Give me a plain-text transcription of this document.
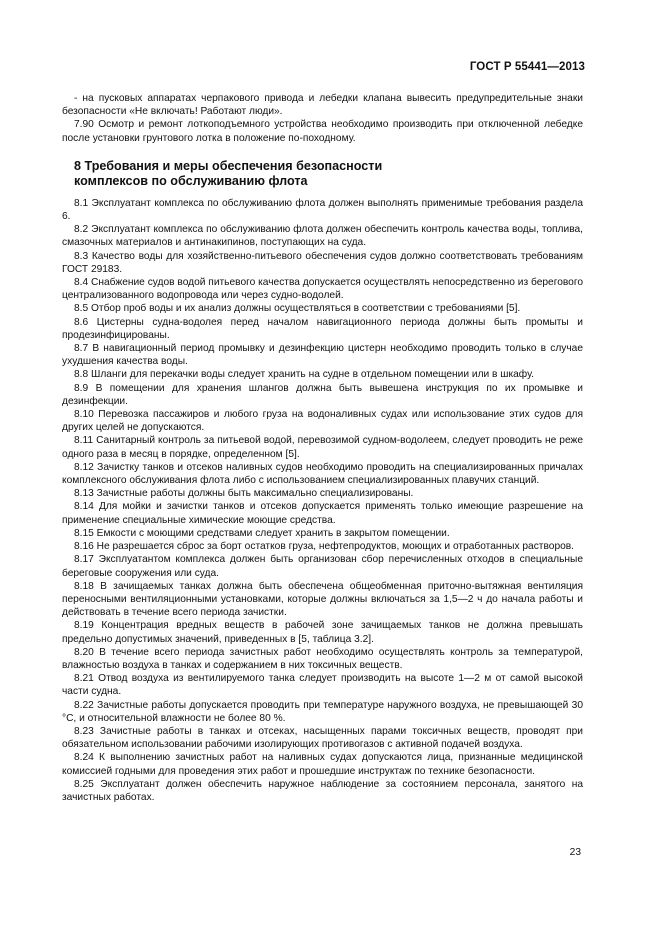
ГОСТ Р 55441—2013

- на пусковых аппаратах черпакового привода и лебедки клапана вывесить предупредительные знаки безопасности «Не включать! Работают люди».

7.90 Осмотр и ремонт лоткоподъемного устройства необходимо производить при отключенной лебедке после установки грунтового лотка в положение по-походному.

8 Требования и меры обеспечения безопасности
комплексов по обслуживанию флота

8.1 Эксплуатант комплекса по обслуживанию флота должен выполнять применимые требования раздела 6.

8.2 Эксплуатант комплекса по обслуживанию флота должен обеспечить контроль качества воды, топлива, смазочных материалов и антинакипинов, поступающих на суда.

8.3 Качество воды для хозяйственно-питьевого обеспечения судов должно соответствовать требованиям ГОСТ 29183.

8.4 Снабжение судов водой питьевого качества допускается осуществлять непосредственно из берегового централизованного водопровода или через судно-водолей.

8.5 Отбор проб воды и их анализ должны осуществляться в соответствии с требованиями [5].

8.6 Цистерны судна-водолея перед началом навигационного периода должны быть промыты и продезинфицированы.

8.7 В навигационный период промывку и дезинфекцию цистерн необходимо проводить только в случае ухудшения качества воды.

8.8 Шланги для перекачки воды следует хранить на судне в отдельном помещении или в шкафу.

8.9 В помещении для хранения шлангов должна быть вывешена инструкция по их промывке и дезинфекции.

8.10 Перевозка пассажиров и любого груза на водоналивных судах или использование этих судов для других целей не допускаются.

8.11 Санитарный контроль за питьевой водой, перевозимой судном-водолеем, следует проводить не реже одного раза в месяц в порядке, определенном [5].

8.12 Зачистку танков и отсеков наливных судов необходимо проводить на специализированных причалах комплексного обслуживания флота либо с использованием специализированных плавучих станций.

8.13 Зачистные работы должны быть максимально специализированы.

8.14 Для мойки и зачистки танков и отсеков допускается применять только имеющие разрешение на применение специальные химические моющие средства.

8.15 Емкости с моющими средствами следует хранить в закрытом помещении.

8.16 Не разрешается сброс за борт остатков груза, нефтепродуктов, моющих и отработанных растворов.

8.17 Эксплуатантом комплекса должен быть организован сбор перечисленных отходов в специальные береговые сооружения или суда.

8.18 В зачищаемых танках должна быть обеспечена общеобменная приточно-вытяжная вентиляция переносными вентиляционными установками, которые должны включаться за 1,5—2 ч до начала работы и действовать в течение всего периода зачистки.

8.19 Концентрация вредных веществ в рабочей зоне зачищаемых танков не должна превышать предельно допустимых значений, приведенных в [5, таблица 3.2].

8.20 В течение всего периода зачистных работ необходимо осуществлять контроль за температурой, влажностью воздуха в танках и содержанием в них токсичных веществ.

8.21 Отвод воздуха из вентилируемого танка следует производить на высоте 1—2 м от самой высокой части судна.

8.22 Зачистные работы допускается проводить при температуре наружного воздуха, не превышающей 30 °С, и относительной влажности не более 80 %.

8.23 Зачистные работы в танках и отсеках, насыщенных парами токсичных веществ, проводят при обязательном использовании рабочими изолирующих противогазов с активной подачей воздуха.

8.24 К выполнению зачистных работ на наливных судах допускаются лица, признанные медицинской комиссией годными для проведения этих работ и прошедшие инструктаж по технике безопасности.

8.25 Эксплуатант должен обеспечить наружное наблюдение за состоянием персонала, занятого на зачистных работах.

23
